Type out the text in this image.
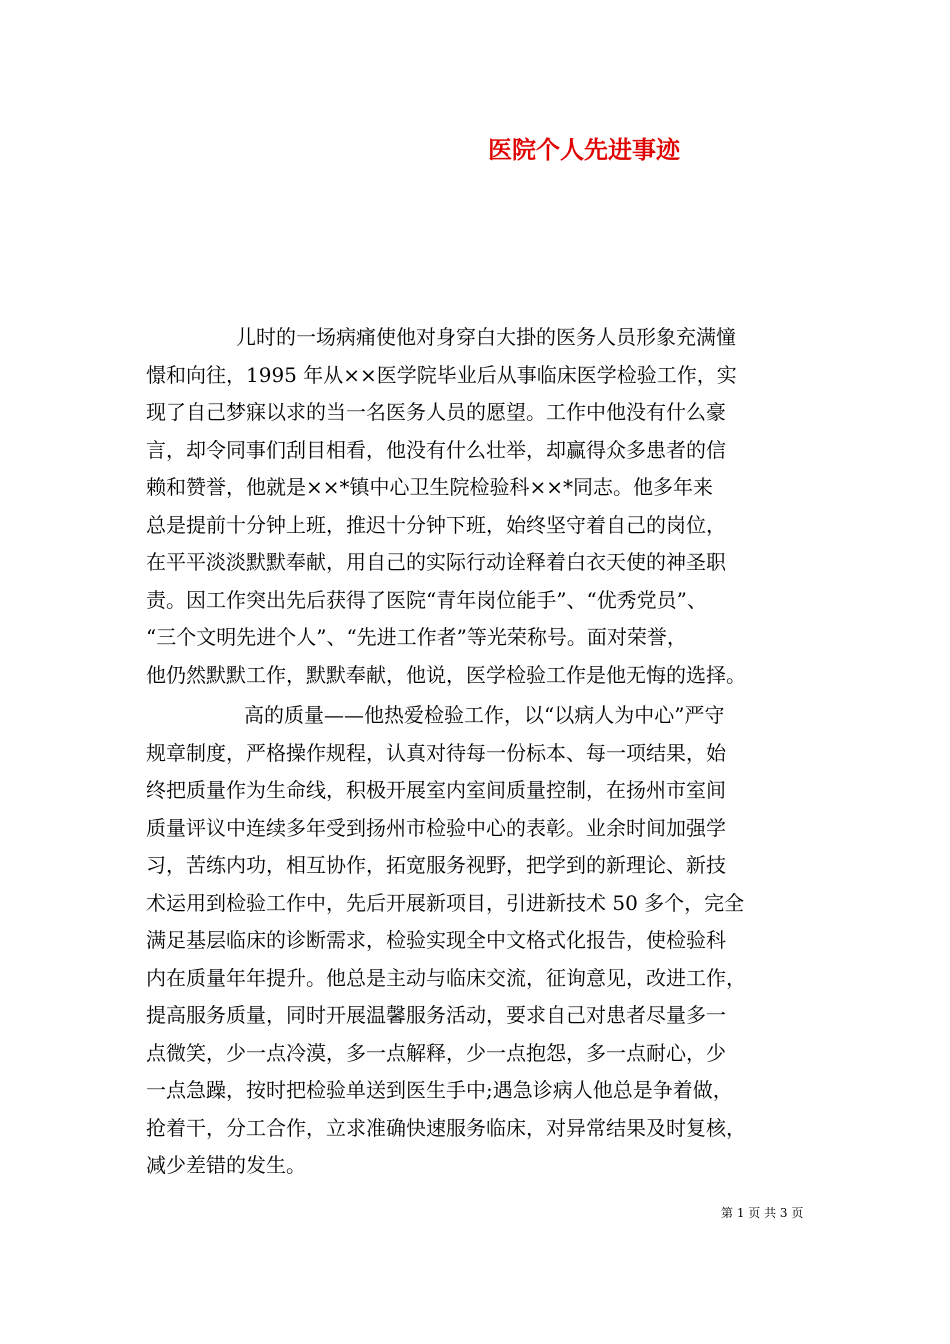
医院个人先进事迹
儿时的一场病痛使他对身穿白大掛的医务人员形象充满憧
憬和向往，1995 年从××医学院毕业后从事临床医学检验工作，实
现了自己梦寐以求的当一名医务人员的愿望。工作中他没有什么豪
言，却令同事们刮目相看，他没有什么壮举，却赢得众多患者的信
赖和赞誉，他就是××*镇中心卫生院检验科××*同志。他多年来
总是提前十分钟上班，推迟十分钟下班，始终坚守着自己的岗位，
在平平淡淡默默奉献，用自己的实际行动诠释着白衣天使的神圣职
责。因工作突出先后获得了医院“青年岗位能手”、“优秀党员”、
“三个文明先进个人”、“先进工作者”等光荣称号。面对荣誉，
他仍然默默工作，默默奉献，他说，医学检验工作是他无悔的选择。
高的质量——他热爱检验工作，以“以病人为中心”严守
规章制度，严格操作规程，认真对待每一份标本、每一项结果，始
终把质量作为生命线，积极开展室内室间质量控制，在扬州市室间
质量评议中连续多年受到扬州市检验中心的表彰。业余时间加强学
习，苦练内功，相互协作，拓宽服务视野，把学到的新理论、新技
术运用到检验工作中，先后开展新项目，引进新技术 50 多个，完全
满足基层临床的诊断需求，检验实现全中文格式化报告，使检验科
内在质量年年提升。他总是主动与临床交流，征询意见，改进工作，
提高服务质量，同时开展温馨服务活动，要求自己对患者尽量多一
点微笑，少一点冷漠，多一点解释，少一点抱怨，多一点耐心，少
一点急躁，按时把检验单送到医生手中;遇急诊病人他总是争着做，
抢着干，分工合作，立求准确快速服务临床，对异常结果及时复核，
减少差错的发生。
第 1 页 共 3 页
